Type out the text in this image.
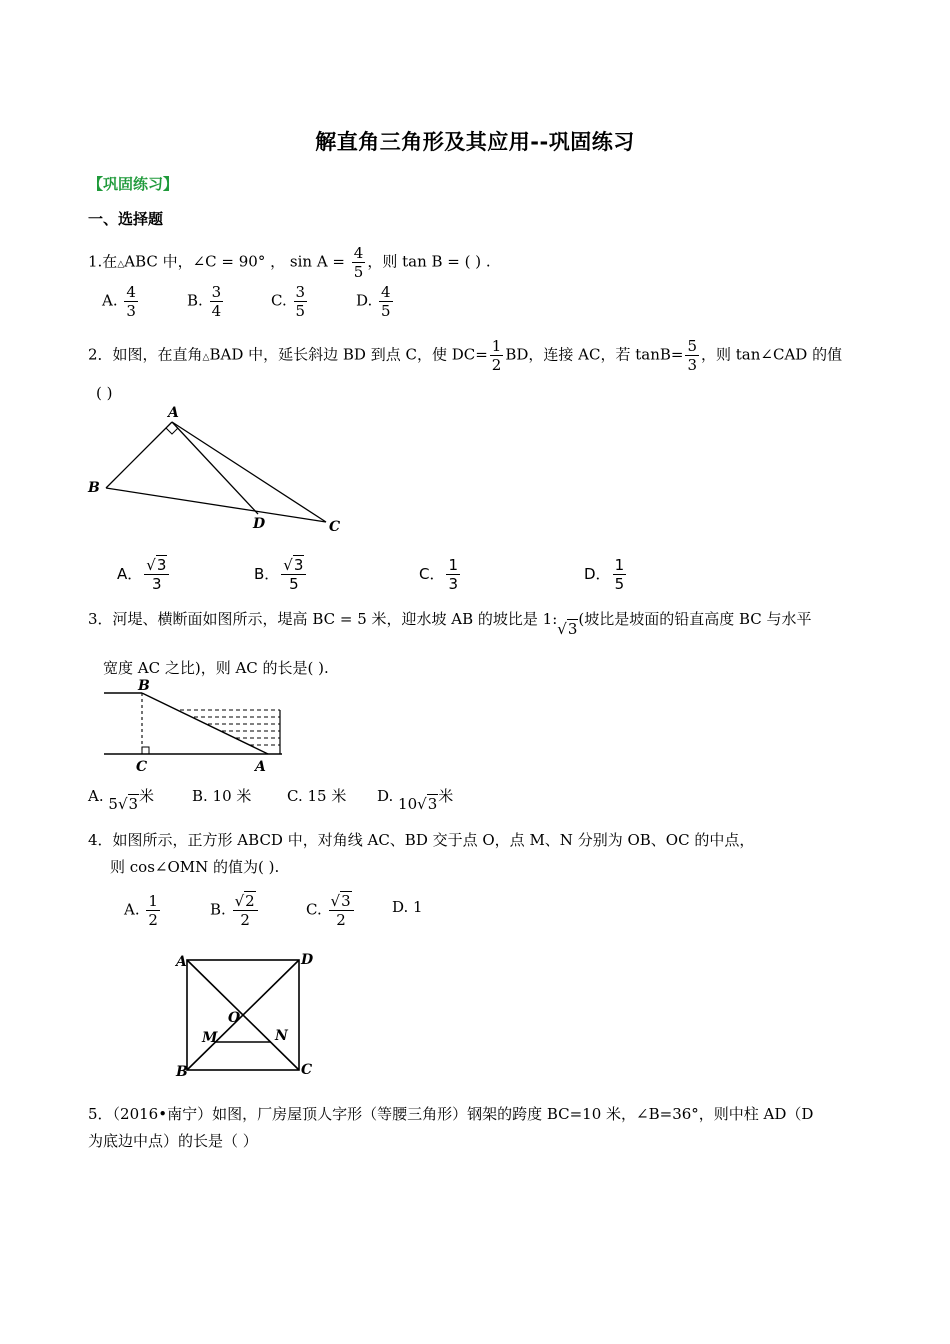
解直角三角形及其应用--巩固练习
【巩固练习】
一、选择题
1.在△ABC 中，∠C = 90° ， $\sin A = \frac{4}{5}$ ，则 tan B = ( ) .
A. $\frac{4}{3}$	B. $\frac{3}{4}$	C. $\frac{3}{5}$	D. $\frac{4}{5}$
2．如图，在直角△BAD 中，延长斜边 BD 到点 C，使 $DC= \frac{1}{2}$ BD，连接 AC，若 $\tan B= \frac{5}{3}$ ，则 tan∠CAD 的值
( )
A
B
D	C
A． $\frac{√3}{3}$	B． $\frac{√3}{5}$	C． $\frac{1}{3}$	D． $\frac{1}{5}$
3．河堤、横断面如图所示，堤高 BC = 5 米，迎水坡 AB 的坡比是 1:√3(坡比是坡面的铅直高度 BC 与水平
宽度 AC 之比)，则 AC 的长是( ).
B
C	A
A. 5√3米	B. 10 米 C. 15 米 D. 10√3米
4．如图所示，正方形 ABCD 中，对角线 AC、BD 交于点 O，点 M、N 分别为 OB、OC 的中点，
则 cos∠OMN 的值为( ).
A. $\frac{1}{2}$	B. $\frac{√2}{2}$	C. $\frac{√3}{2}$	D. 1
A	D
B	C
O
M	N
5．（2016•南宁）如图，厂房屋顶人字形（等腰三角形）钢架的跨度 BC=10 米，∠B=36°，则中柱 AD（D
为底边中点）的长是（ ）
